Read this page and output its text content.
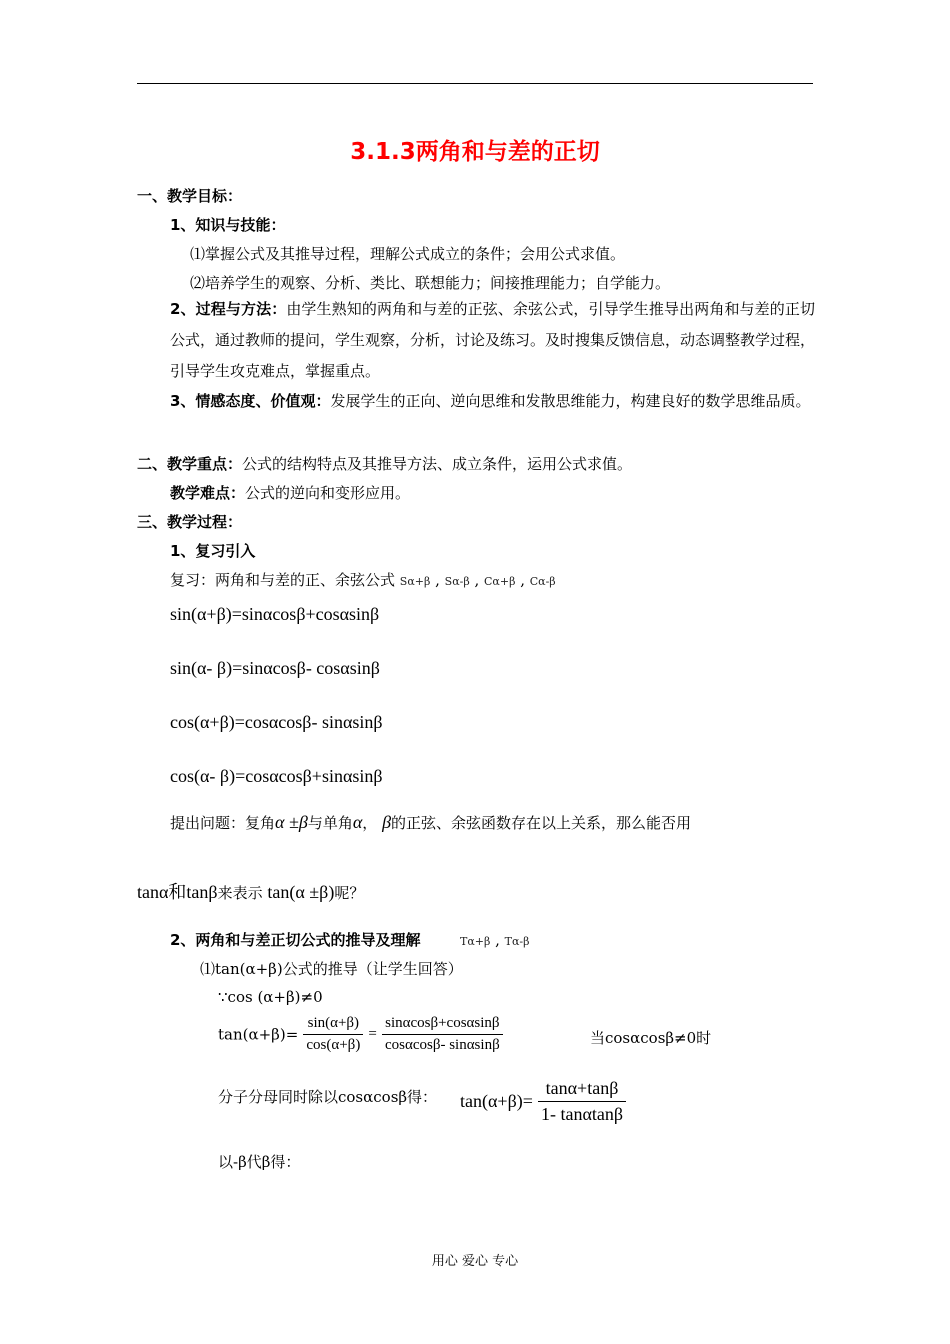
3.1.3两角和与差的正切
一、教学目标：
1、知识与技能：
⑴掌握公式及其推导过程，理解公式成立的条件；会用公式求值。
⑵培养学生的观察、分析、类比、联想能力；间接推理能力；自学能力。
2、过程与方法：由学生熟知的两角和与差的正弦、余弦公式，引导学生推导出两角和与差的正切公式，通过教师的提问，学生观察，分析，讨论及练习。及时搜集反馈信息，动态调整教学过程，引导学生攻克难点，掌握重点。
3、情感态度、价值观：发展学生的正向、逆向思维和发散思维能力，构建良好的数学思维品质。
二、教学重点：公式的结构特点及其推导方法、成立条件，运用公式求值。
教学难点：公式的逆向和变形应用。
三、教学过程：
1、复习引入
复习：两角和与差的正、余弦公式 Sα+β , Sα-β , Cα+β , Cα-β
sin(α+β)=sinαcosβ+cosαsinβ
sin(α- β)=sinαcosβ- cosαsinβ
cos(α+β)=cosαcosβ- sinαsinβ
cos(α- β)=cosαcosβ+sinαsinβ
提出问题：复角α ±β与单角α， β的正弦、余弦函数存在以上关系，那么能否用
tanα和tanβ来表示 tan(α ±β)呢？
2、两角和与差正切公式的推导及理解	Tα+β , Tα-β
⑴tan(α+β)公式的推导（让学生回答）
∵cos (α+β)≠0
$\tan(\alpha+\beta)= \frac{\sin(\alpha+\beta)}{\cos(\alpha+\beta)} = \frac{\sin\alpha\cos\beta+\cos\alpha\sin\beta}{\cos\alpha\cos\beta- \sin\alpha\sin\beta}$	当cosαcosβ≠0时
分子分母同时除以cosαcosβ得： $\tan(\alpha+\beta)= \frac{\tan\alpha+\tan\beta}{1- \tan\alpha\tan\beta}$
以-β代β得：
用心 爱心 专心
